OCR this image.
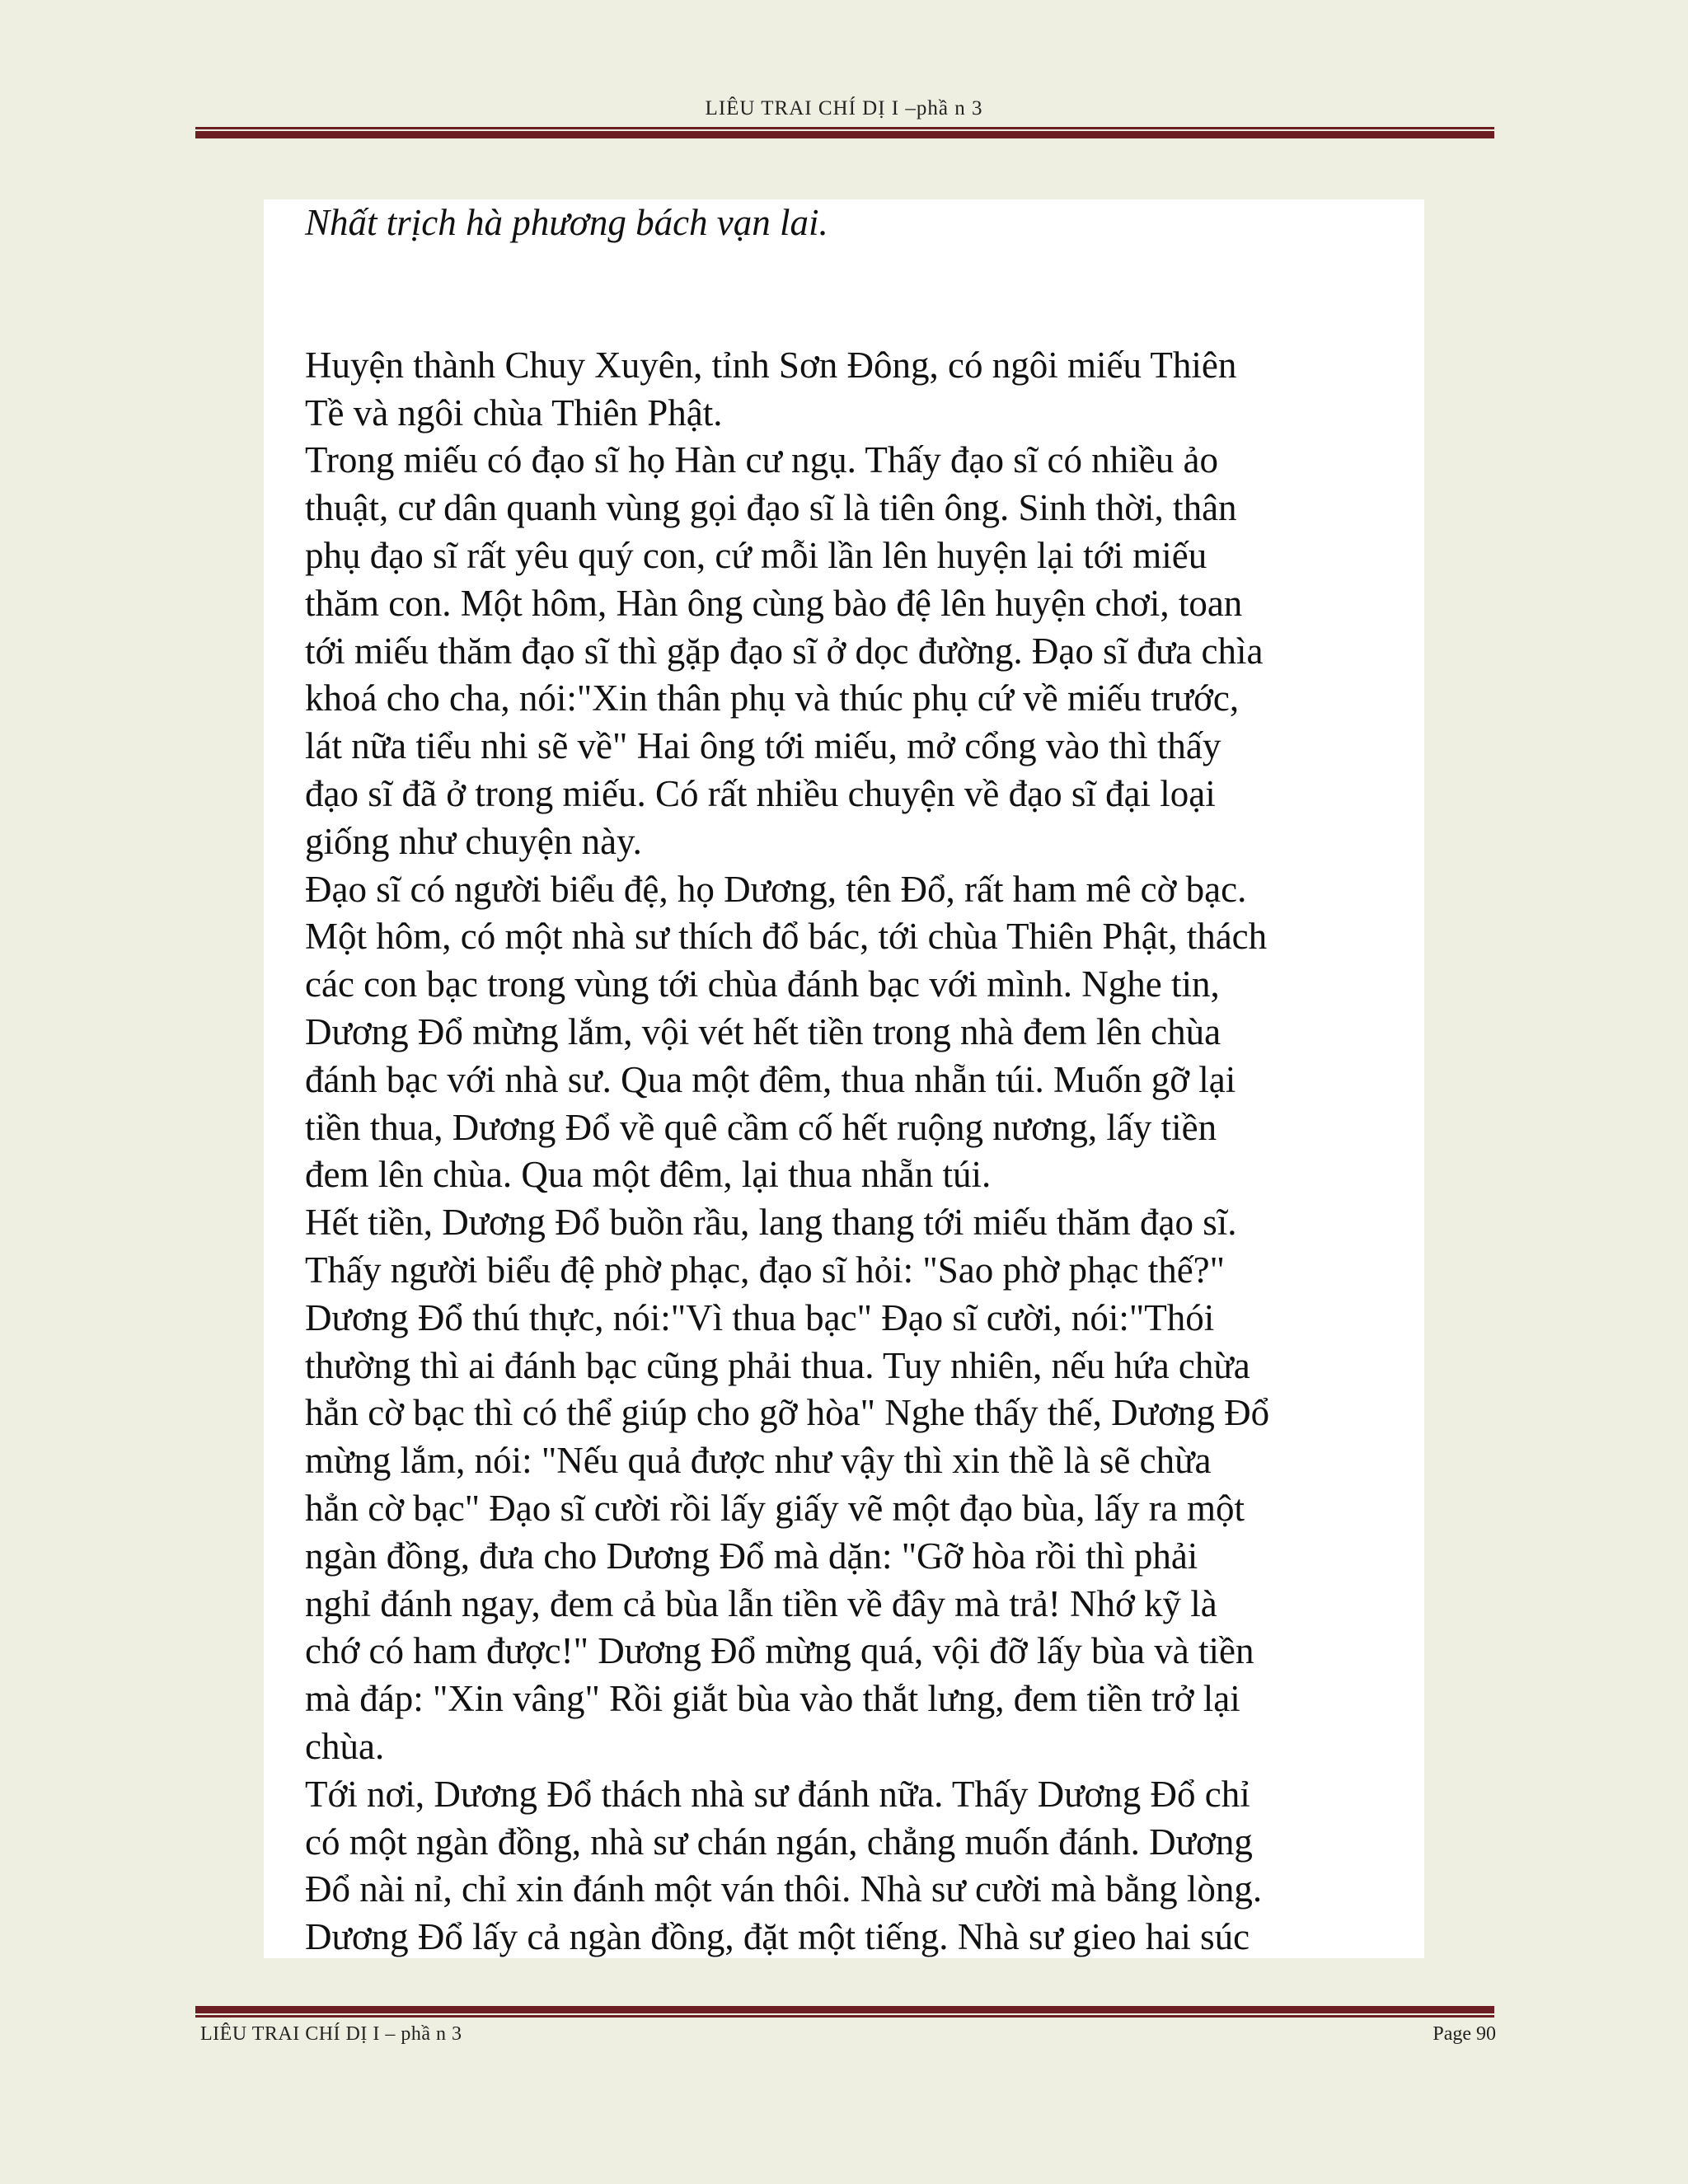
LIÊU TRAI CHÍ DỊ I –phầ n 3

Nhất trịch hà phương bách vạn lai.

Huyện thành Chuy Xuyên, tỉnh Sơn Đông, có ngôi miếu Thiên

Tề và ngôi chùa Thiên Phật.

Trong miếu có đạo sĩ họ Hàn cư ngụ. Thấy đạo sĩ có nhiều ảo

thuật, cư dân quanh vùng gọi đạo sĩ là tiên ông. Sinh thời, thân

phụ đạo sĩ rất yêu quý con, cứ mỗi lần lên huyện lại tới miếu

thăm con. Một hôm, Hàn ông cùng bào đệ lên huyện chơi, toan

tới miếu thăm đạo sĩ thì gặp đạo sĩ ở dọc đường. Đạo sĩ đưa chìa

khoá cho cha, nói:"Xin thân phụ và thúc phụ cứ về miếu trước,

lát nữa tiểu nhi sẽ về" Hai ông tới miếu, mở cổng vào thì thấy

đạo sĩ đã ở trong miếu. Có rất nhiều chuyện về đạo sĩ đại loại

giống như chuyện này.

Đạo sĩ có người biểu đệ, họ Dương, tên Đổ, rất ham mê cờ bạc.

Một hôm, có một nhà sư thích đổ bác, tới chùa Thiên Phật, thách

các con bạc trong vùng tới chùa đánh bạc với mình. Nghe tin,

Dương Đổ mừng lắm, vội vét hết tiền trong nhà đem lên chùa

đánh bạc với nhà sư. Qua một đêm, thua nhẵn túi. Muốn gỡ lại

tiền thua, Dương Đổ về quê cầm cố hết ruộng nương, lấy tiền

đem lên chùa. Qua một đêm, lại thua nhẵn túi.

Hết tiền, Dương Đổ buồn rầu, lang thang tới miếu thăm đạo sĩ.

Thấy người biểu đệ phờ phạc, đạo sĩ hỏi: "Sao phờ phạc thế?"

Dương Đổ thú thực, nói:"Vì thua bạc" Đạo sĩ cười, nói:"Thói

thường thì ai đánh bạc cũng phải thua. Tuy nhiên, nếu hứa chừa

hẳn cờ bạc thì có thể giúp cho gỡ hòa" Nghe thấy thế, Dương Đổ

mừng lắm, nói: "Nếu quả được như vậy thì xin thề là sẽ chừa

hẳn cờ bạc" Đạo sĩ cười rồi lấy giấy vẽ một đạo bùa, lấy ra một

ngàn đồng, đưa cho Dương Đổ mà dặn: "Gỡ hòa rồi thì phải

nghỉ đánh ngay, đem cả bùa lẫn tiền về đây mà trả! Nhớ kỹ là

chớ có ham được!" Dương Đổ mừng quá, vội đỡ lấy bùa và tiền

mà đáp: "Xin vâng" Rồi giắt bùa vào thắt lưng, đem tiền trở lại

chùa.

Tới nơi, Dương Đổ thách nhà sư đánh nữa. Thấy Dương Đổ chỉ

có một ngàn đồng, nhà sư chán ngán, chẳng muốn đánh. Dương

Đổ nài nỉ, chỉ xin đánh một ván thôi. Nhà sư cười mà bằng lòng.

Dương Đổ lấy cả ngàn đồng, đặt một tiếng. Nhà sư gieo hai súc

LIÊU TRAI CHÍ DỊ I – phầ n 3	Page 90
